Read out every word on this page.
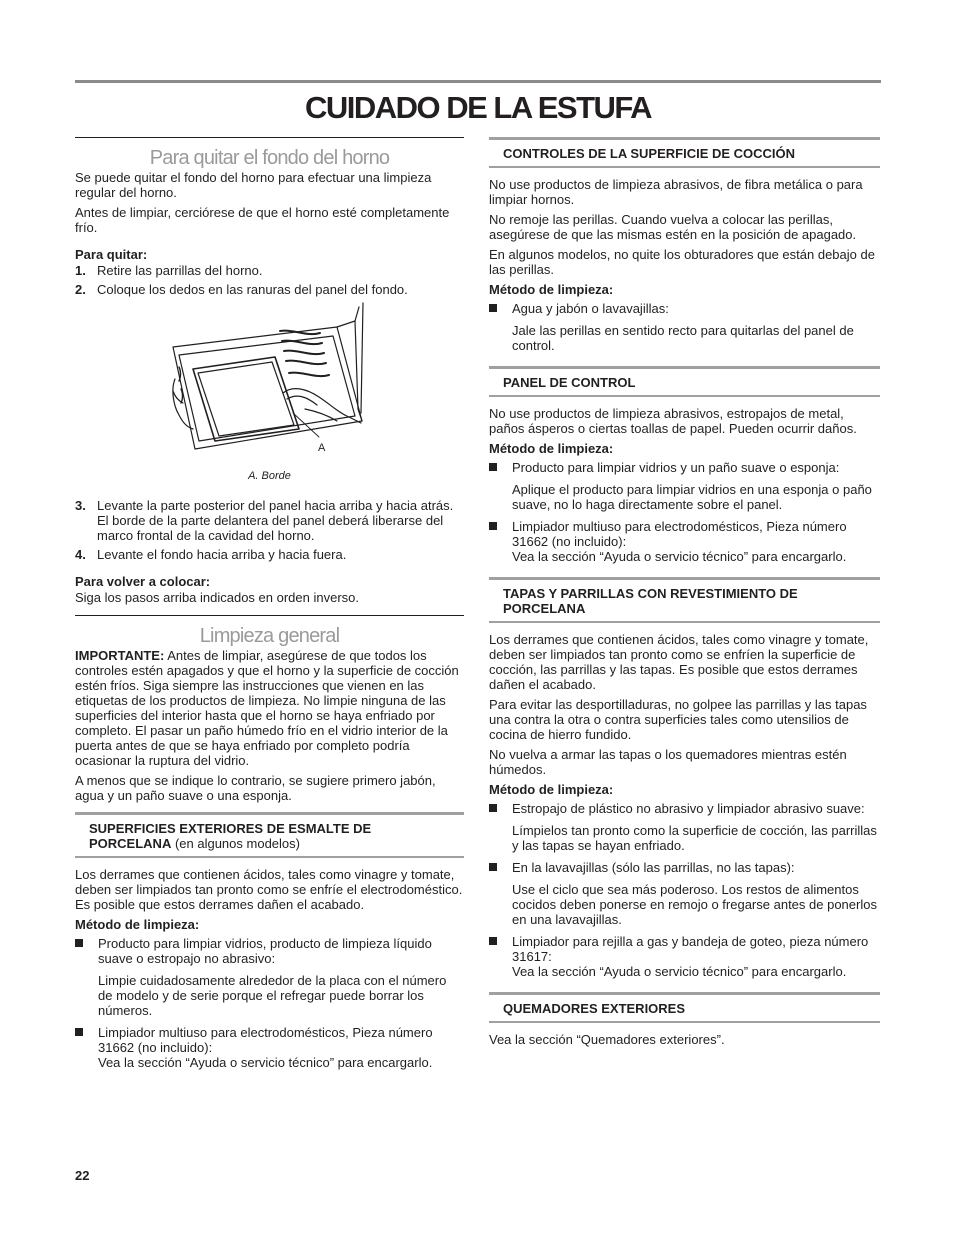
CUIDADO DE LA ESTUFA
Para quitar el fondo del horno

Se puede quitar el fondo del horno para efectuar una limpieza regular del horno.

Antes de limpiar, cerciórese de que el horno esté completamente frío.

Para quitar:
1. Retire las parrillas del horno.
2. Coloque los dedos en las ranuras del panel del fondo.
A
A. Borde
3. Levante la parte posterior del panel hacia arriba y hacia atrás. El borde de la parte delantera del panel deberá liberarse del marco frontal de la cavidad del horno.
4. Levante el fondo hacia arriba y hacia fuera.
Para volver a colocar:

Siga los pasos arriba indicados en orden inverso.

Limpieza general

IMPORTANTE: Antes de limpiar, asegúrese de que todos los controles estén apagados y que el horno y la superficie de cocción estén fríos. Siga siempre las instrucciones que vienen en las etiquetas de los productos de limpieza. No limpie ninguna de las superficies del interior hasta que el horno se haya enfriado por completo. El pasar un paño húmedo frío en el vidrio interior de la puerta antes de que se haya enfriado por completo podría ocasionar la ruptura del vidrio.

A menos que se indique lo contrario, se sugiere primero jabón, agua y un paño suave o una esponja.

SUPERFICIES EXTERIORES DE ESMALTE DE PORCELANA (en algunos modelos)

Los derrames que contienen ácidos, tales como vinagre y tomate, deben ser limpiados tan pronto como se enfríe el electrodoméstico. Es posible que estos derrames dañen el acabado.

Método de limpieza:
Producto para limpiar vidrios, producto de limpieza líquido suave o estropajo no abrasivo:
Limpie cuidadosamente alrededor de la placa con el número de modelo y de serie porque el refregar puede borrar los números.
Limpiador multiuso para electrodomésticos, Pieza número 31662 (no incluido):
Vea la sección “Ayuda o servicio técnico” para encargarlo.
CONTROLES DE LA SUPERFICIE DE COCCIÓN

No use productos de limpieza abrasivos, de fibra metálica o para limpiar hornos.

No remoje las perillas. Cuando vuelva a colocar las perillas, asegúrese de que las mismas estén en la posición de apagado.

En algunos modelos, no quite los obturadores que están debajo de las perillas.

Método de limpieza:
Agua y jabón o lavavajillas:
Jale las perillas en sentido recto para quitarlas del panel de control.
PANEL DE CONTROL

No use productos de limpieza abrasivos, estropajos de metal, paños ásperos o ciertas toallas de papel. Pueden ocurrir daños.

Método de limpieza:
Producto para limpiar vidrios y un paño suave o esponja:
Aplique el producto para limpiar vidrios en una esponja o paño suave, no lo haga directamente sobre el panel.
Limpiador multiuso para electrodomésticos, Pieza número 31662 (no incluido):
Vea la sección “Ayuda o servicio técnico” para encargarlo.
TAPAS Y PARRILLAS CON REVESTIMIENTO DE PORCELANA

Los derrames que contienen ácidos, tales como vinagre y tomate, deben ser limpiados tan pronto como se enfríen la superficie de cocción, las parrillas y las tapas. Es posible que estos derrames dañen el acabado.

Para evitar las desportilladuras, no golpee las parrillas y las tapas una contra la otra o contra superficies tales como utensilios de cocina de hierro fundido.

No vuelva a armar las tapas o los quemadores mientras estén húmedos.

Método de limpieza:
Estropajo de plástico no abrasivo y limpiador abrasivo suave:
Límpielos tan pronto como la superficie de cocción, las parrillas y las tapas se hayan enfriado.
En la lavavajillas (sólo las parrillas, no las tapas):
Use el ciclo que sea más poderoso. Los restos de alimentos cocidos deben ponerse en remojo o fregarse antes de ponerlos en una lavavajillas.
Limpiador para rejilla a gas y bandeja de goteo, pieza número 31617:
Vea la sección “Ayuda o servicio técnico” para encargarlo.
QUEMADORES EXTERIORES

Vea la sección “Quemadores exteriores”.

22
